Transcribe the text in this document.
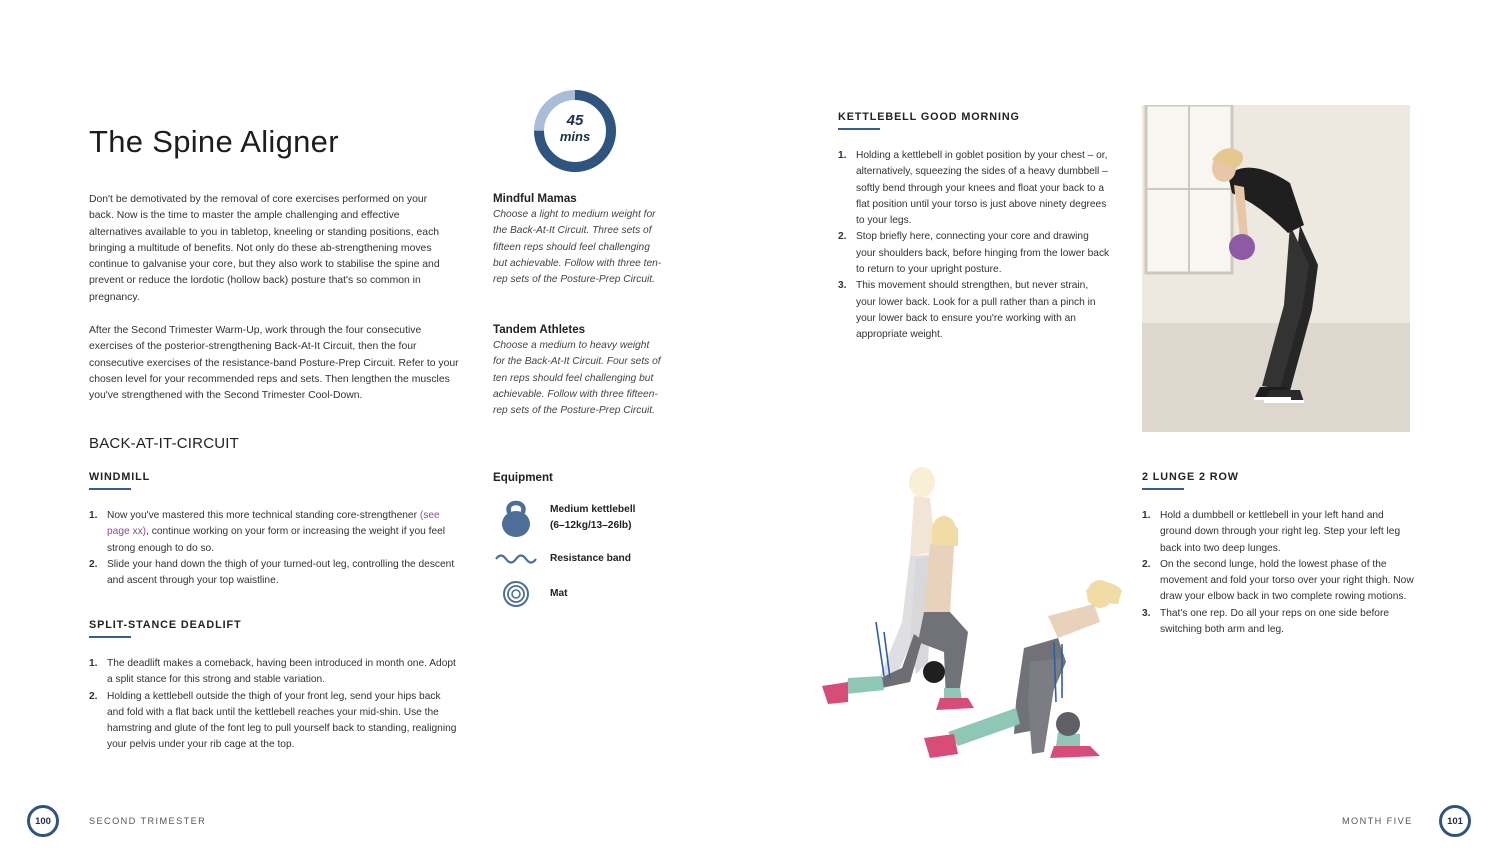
The Spine Aligner
Don't be demotivated by the removal of core exercises performed on your back. Now is the time to master the ample challenging and effective alternatives available to you in tabletop, kneeling or standing positions, each bringing a multitude of benefits. Not only do these ab-strengthening moves continue to galvanise your core, but they also work to stabilise the spine and prevent or reduce the lordotic (hollow back) posture that's so common in pregnancy.
After the Second Trimester Warm-Up, work through the four consecutive exercises of the posterior-strengthening Back-At-It Circuit, then the four consecutive exercises of the resistance-band Posture-Prep Circuit. Refer to your chosen level for your recommended reps and sets. Then lengthen the muscles you've strengthened with the Second Trimester Cool-Down.
BACK-AT-IT-CIRCUIT
WINDMILL
1. Now you've mastered this more technical standing core-strengthener (see page xx), continue working on your form or increasing the weight if you feel strong enough to do so.
2. Slide your hand down the thigh of your turned-out leg, controlling the descent and ascent through your top waistline.
SPLIT-STANCE DEADLIFT
1. The deadlift makes a comeback, having been introduced in month one. Adopt a split stance for this strong and stable variation.
2. Holding a kettlebell outside the thigh of your front leg, send your hips back and fold with a flat back until the kettlebell reaches your mid-shin. Use the hamstring and glute of the font leg to pull yourself back to standing, realigning your pelvis under your rib cage at the top.
45
mins
Mindful Mamas
Choose a light to medium weight for the Back-At-It Circuit. Three sets of fifteen reps should feel challenging but achievable. Follow with three ten-rep sets of the Posture-Prep Circuit.
Tandem Athletes
Choose a medium to heavy weight for the Back-At-It Circuit. Four sets of ten reps should feel challenging but achievable. Follow with three fifteen-rep sets of the Posture-Prep Circuit.
Equipment
Medium kettlebell
(6–12kg/13–26lb)
Resistance band
Mat
100	SECOND TRIMESTER
KETTLEBELL GOOD MORNING
1. Holding a kettlebell in goblet position by your chest – or, alternatively, squeezing the sides of a heavy dumbbell – softly bend through your knees and float your back to a flat position until your torso is just above ninety degrees to your legs.
2. Stop briefly here, connecting your core and drawing your shoulders back, before hinging from the lower back to return to your upright posture.
3. This movement should strengthen, but never strain, your lower back. Look for a pull rather than a pinch in your lower back to ensure you're working with an appropriate weight.
2 LUNGE 2 ROW
1. Hold a dumbbell or kettlebell in your left hand and ground down through your right leg. Step your left leg back into two deep lunges.
2. On the second lunge, hold the lowest phase of the movement and fold your torso over your right thigh. Now draw your elbow back in two complete rowing motions.
3. That's one rep. Do all your reps on one side before switching both arm and leg.
MONTH FIVE	101
